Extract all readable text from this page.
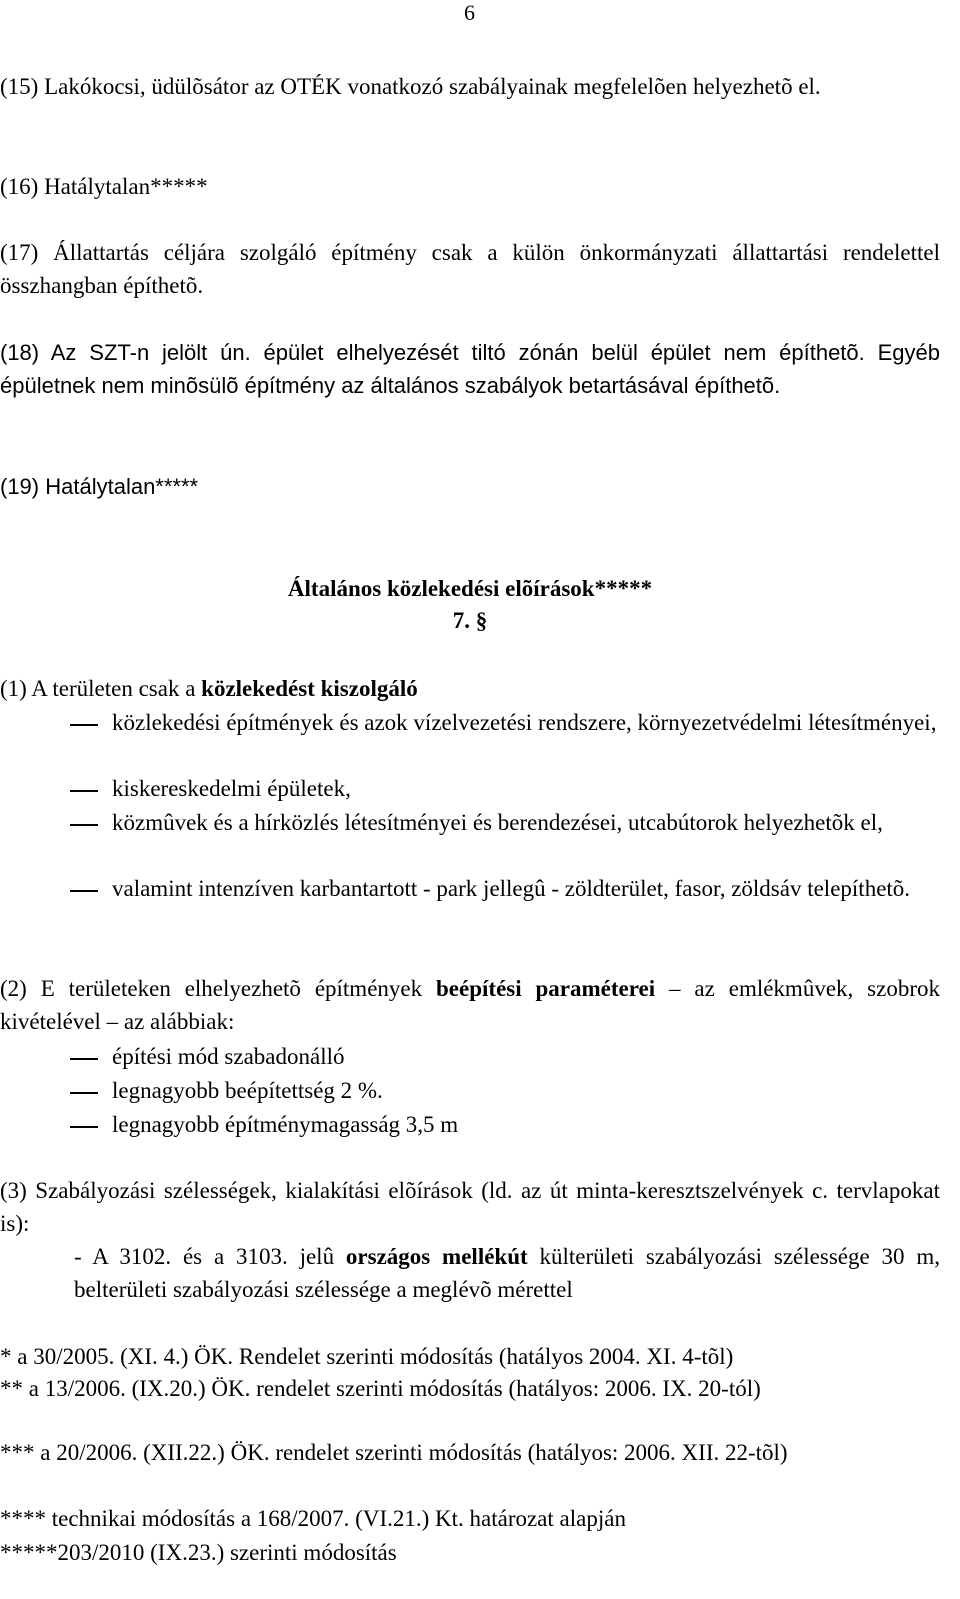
6
(15) Lakókocsi, üdülõsátor az OTÉK vonatkozó szabályainak megfelelõen helyezhetõ el.
(16) Hatálytalan*****
(17) Állattartás céljára szolgáló építmény csak a külön önkormányzati állattartási rendelettel összhangban építhetõ.
(18) Az SZT-n jelölt ún. épület elhelyezését tiltó zónán belül épület nem építhetõ. Egyéb épületnek nem minõsülõ építmény az általános szabályok betartásával építhetõ.
(19) Hatálytalan*****
Általános közlekedési elõírások*****
7. §
(1) A területen csak a közlekedést kiszolgáló
közlekedési építmények és azok vízelvezetési rendszere, környezetvédelmi létesítményei,
kiskereskedelmi épületek,
közmûvek és a hírközlés létesítményei és berendezései, utcabútorok helyezhetõk el,
valamint intenzíven karbantartott - park jellegû - zöldterület, fasor, zöldsáv telepíthetõ.
(2) E területeken elhelyezhetõ építmények beépítési paraméterei – az emlékmûvek, szobrok kivételével – az alábbiak:
építési mód szabadonálló
legnagyobb beépítettség 2 %.
legnagyobb építménymagasság 3,5 m
(3) Szabályozási szélességek, kialakítási elõírások (ld. az út minta-keresztszelvények c. tervlapokat is):
- A 3102. és a 3103. jelû országos mellékút külterületi szabályozási szélessége 30 m, belterületi szabályozási szélessége a meglévõ mérettel
* a 30/2005. (XI. 4.) ÖK. Rendelet szerinti módosítás (hatályos 2004. XI. 4-tõl)
** a 13/2006. (IX.20.) ÖK. rendelet szerinti módosítás (hatályos: 2006. IX. 20-tól)
*** a 20/2006. (XII.22.) ÖK. rendelet szerinti módosítás (hatályos: 2006. XII. 22-tõl)
**** technikai módosítás a 168/2007. (VI.21.) Kt. határozat alapján
*****203/2010 (IX.23.) szerinti módosítás
